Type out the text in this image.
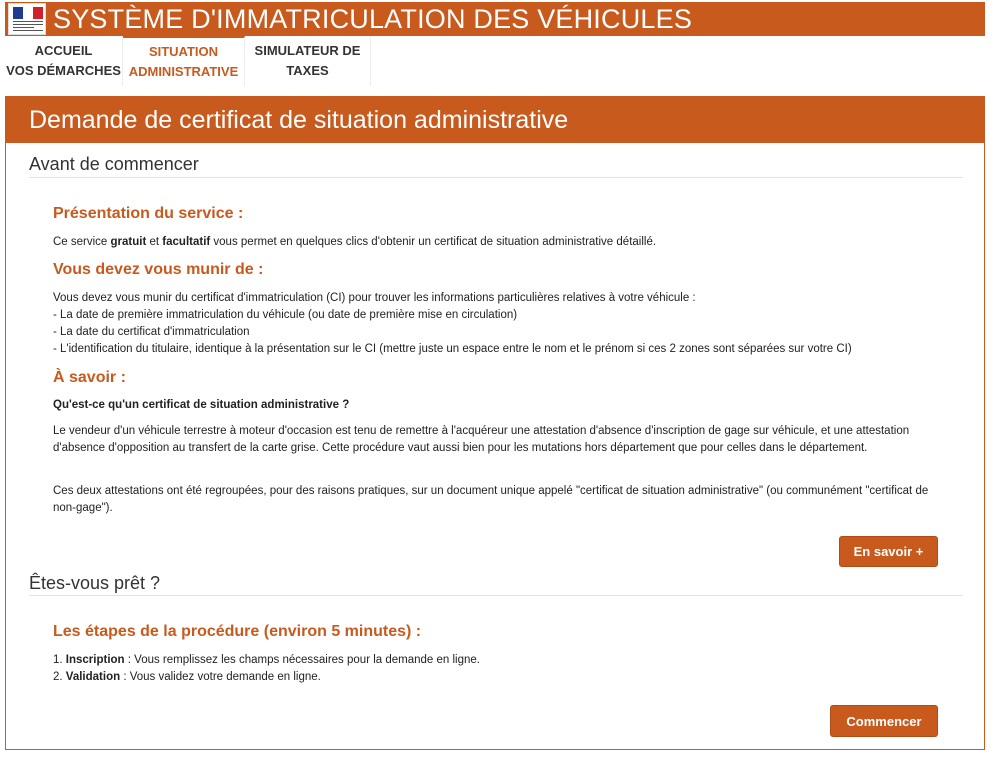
SYSTÈME D'IMMATRICULATION DES VÉHICULES
ACCUEIL
VOS DÉMARCHES
SITUATION
ADMINISTRATIVE
SIMULATEUR DE
TAXES
Demande de certificat de situation administrative
Avant de commencer
Présentation du service :
Ce service gratuit et facultatif vous permet en quelques clics d'obtenir un certificat de situation administrative détaillé.
Vous devez vous munir de :
Vous devez vous munir du certificat d'immatriculation (CI) pour trouver les informations particulières relatives à votre véhicule :
- La date de première immatriculation du véhicule (ou date de première mise en circulation)
- La date du certificat d'immatriculation
- L'identification du titulaire, identique à la présentation sur le CI (mettre juste un espace entre le nom et le prénom si ces 2 zones sont séparées sur votre CI)
À savoir :
Qu'est-ce qu'un certificat de situation administrative ?
Le vendeur d'un véhicule terrestre à moteur d'occasion est tenu de remettre à l'acquéreur une attestation d'absence d'inscription de gage sur véhicule, et une attestation d'absence d'opposition au transfert de la carte grise. Cette procédure vaut aussi bien pour les mutations hors département que pour celles dans le département.
Ces deux attestations ont été regroupées, pour des raisons pratiques, sur un document unique appelé "certificat de situation administrative" (ou communément "certificat de non-gage").
En savoir +
Êtes-vous prêt ?
Les étapes de la procédure (environ 5 minutes) :
1. Inscription : Vous remplissez les champs nécessaires pour la demande en ligne.
2. Validation : Vous validez votre demande en ligne.
Commencer
